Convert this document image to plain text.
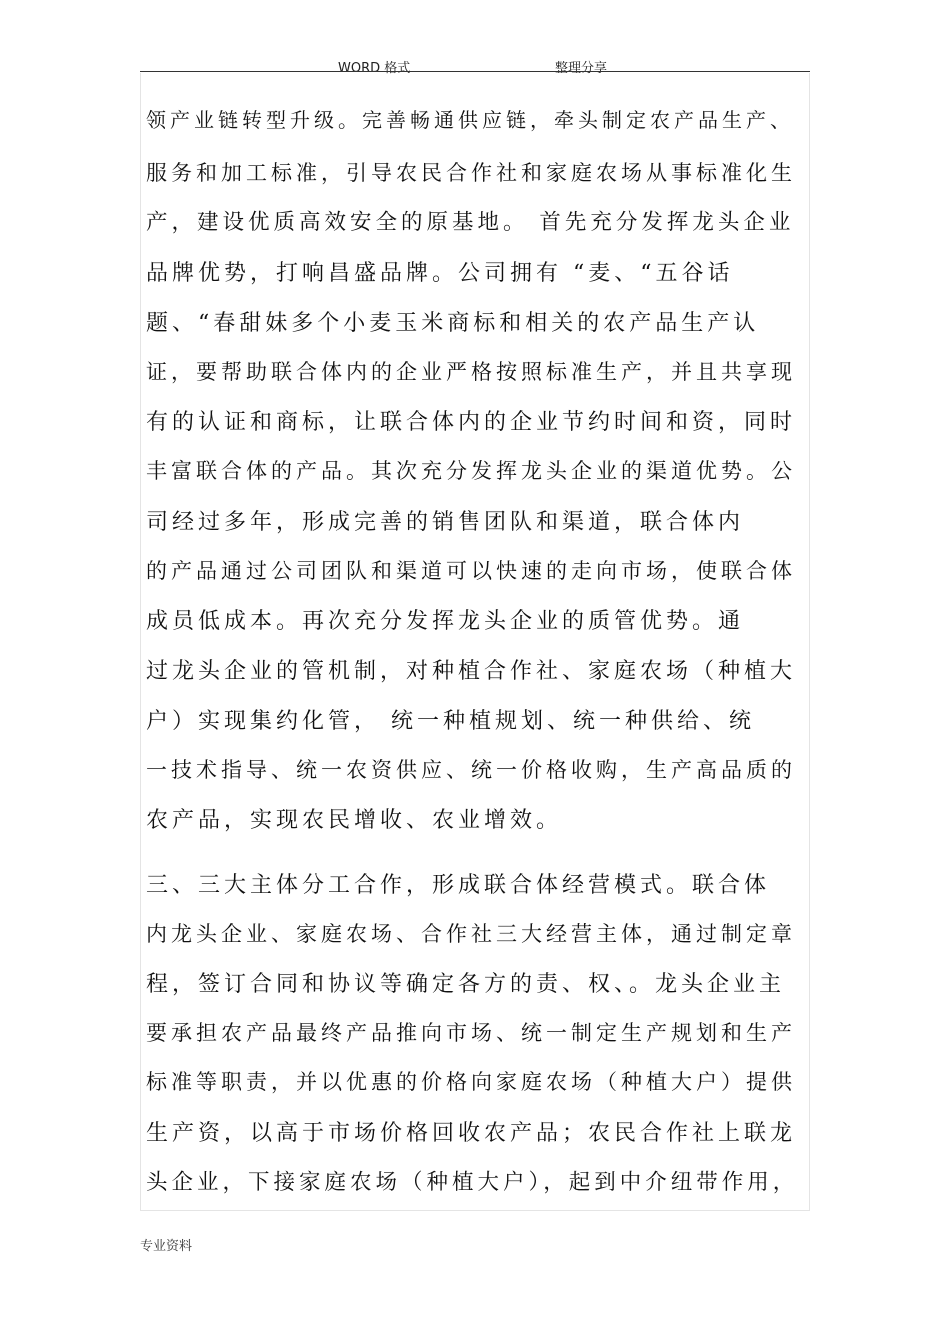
WORD 格式	整理分享
领产业链转型升级。完善畅通供应链，牵头制定农产品生产、
服务和加工标准，引导农民合作社和家庭农场从事标准化生
产，建设优质高效安全的原基地。 首先充分发挥龙头企业
品牌优势，打响昌盛品牌。公司拥有 “麦、“五谷话
题、“春甜妹多个小麦玉米商标和相关的农产品生产认
证，要帮助联合体内的企业严格按照标准生产，并且共享现
有的认证和商标，让联合体内的企业节约时间和资，同时
丰富联合体的产品。其次充分发挥龙头企业的渠道优势。公
司经过多年，形成完善的销售团队和渠道，联合体内
的产品通过公司团队和渠道可以快速的走向市场，使联合体
成员低成本。再次充分发挥龙头企业的质管优势。通
过龙头企业的管机制，对种植合作社、家庭农场（种植大
户）实现集约化管， 统一种植规划、统一种供给、统
一技术指导、统一农资供应、统一价格收购，生产高品质的
农产品，实现农民增收、农业增效。
三、三大主体分工合作，形成联合体经营模式。联合体
内龙头企业、家庭农场、合作社三大经营主体，通过制定章
程，签订合同和协议等确定各方的责、权、。龙头企业主
要承担农产品最终产品推向市场、统一制定生产规划和生产
标准等职责，并以优惠的价格向家庭农场（种植大户）提供
生产资，以高于市场价格回收农产品；农民合作社上联龙
头企业，下接家庭农场（种植大户），起到中介纽带作用，
专业资料
